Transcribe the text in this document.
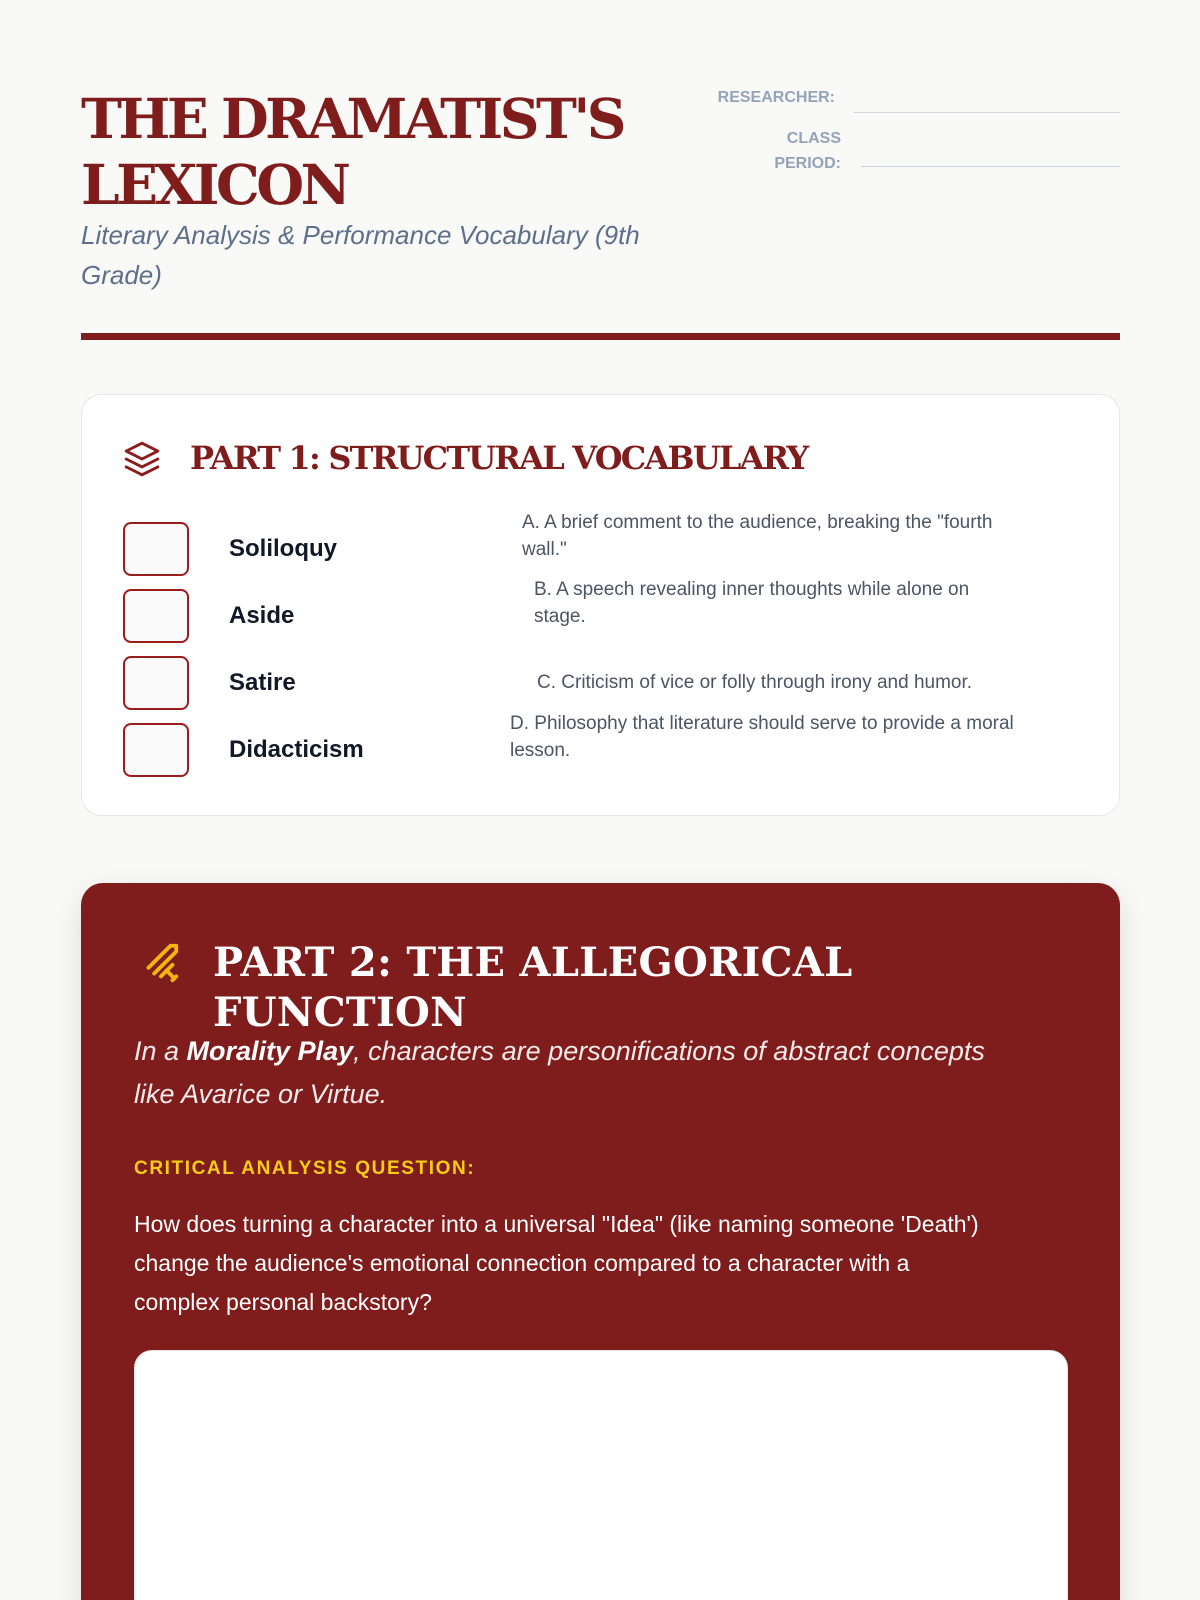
THE DRAMATIST'S
LEXICON
Literary Analysis & Performance Vocabulary (9th
Grade)
RESEARCHER:
CLASS
PERIOD:
PART 1: STRUCTURAL VOCABULARY
Soliloquy
A. A brief comment to the audience, breaking the "fourth
wall."
Aside
B. A speech revealing inner thoughts while alone on
stage.
Satire	C. Criticism of vice or folly through irony and humor.
Didacticism
D. Philosophy that literature should serve to provide a moral
lesson.
PART 2: THE ALLEGORICAL FUNCTION
In a Morality Play, characters are personifications of abstract concepts
like Avarice or Virtue.
CRITICAL ANALYSIS QUESTION:
How does turning a character into a universal "Idea" (like naming someone 'Death')
change the audience's emotional connection compared to a character with a
complex personal backstory?
